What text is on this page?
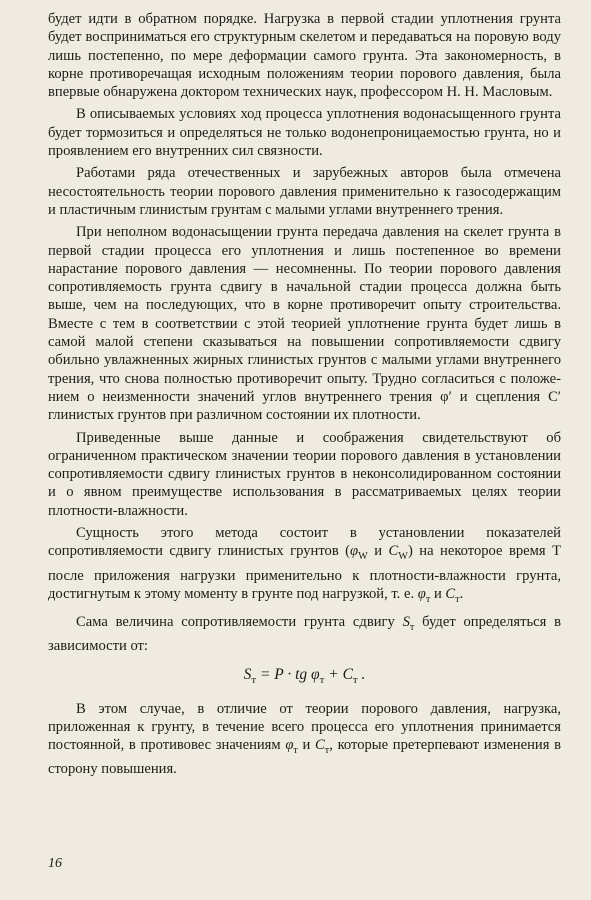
будет идти в обратном порядке. Нагрузка в первой стадии уплотнения грунта будет восприниматься его структурным скелетом и передаваться на поровую воду лишь постепенно, по мере деформации самого грунта. Эта закономерность, в корне противоречащая исходным положениям теории порового давления, была впервые обнаружена доктором технических наук, профессором Н. Н. Масловым.

В описываемых условиях ход процесса уплотнения водонасыщенного грунта будет тормозиться и определяться не только водонепроницаемостью грунта, но и проявлением его внутренних сил связности.

Работами ряда отечественных и зарубежных авторов была отмечена несостоятельность теории порового давления применительно к газосодержащим и пластичным глинистым грунтам с малыми углами внутреннего трения.

При неполном водонасыщении грунта передача давления на скелет грунта в первой стадии процесса его уплотнения и лишь постепенное во времени нарастание порового давления — несомненны. По теории порового давления сопротивляемость грунта сдвигу в начальной стадии процесса должна быть выше, чем на последующих, что в корне противоречит опыту строительства. Вместе с тем в соответствии с этой теорией уплотнение грунта будет лишь в самой малой степени сказываться на повышении сопротивляемости сдвигу обильно увлажненных жирных глинистых грунтов с малыми углами внутреннего трения, что снова полностью противоречит опыту. Трудно согласиться с положением о неизменности значений углов внутреннего трения φ′ и сцепления C′ глинистых грунтов при различном состоянии их плотности.

Приведенные выше данные и соображения свидетельствуют об ограниченном практическом значении теории порового давления в установлении сопротивляемости сдвигу глинистых грунтов в неконсолидированном состоянии и о явном преимуществе использования в рассматриваемых целях теории плотности-влажности.

Сущность этого метода состоит в установлении показателей сопротивляемости сдвигу глинистых грунтов ($\varphi_W$ и $C_W$) на некоторое время T после приложения нагрузки применительно к плотности-влажности грунта, достигнутым к этому моменту в грунте под нагрузкой, т. е. $\varphi_т$ и $C_т$.

Сама величина сопротивляемости грунта сдвигу $S_т$ будет определяться в зависимости от:

$S_т = P$ · tg $\varphi_т + C_т$ .

В этом случае, в отличие от теории порового давления, нагрузка, приложенная к грунту, в течение всего процесса его уплотнения принимается постоянной, в противовес значениям $\varphi_т$ и $C_т$, которые претерпевают изменения в сторону повышения.

16
